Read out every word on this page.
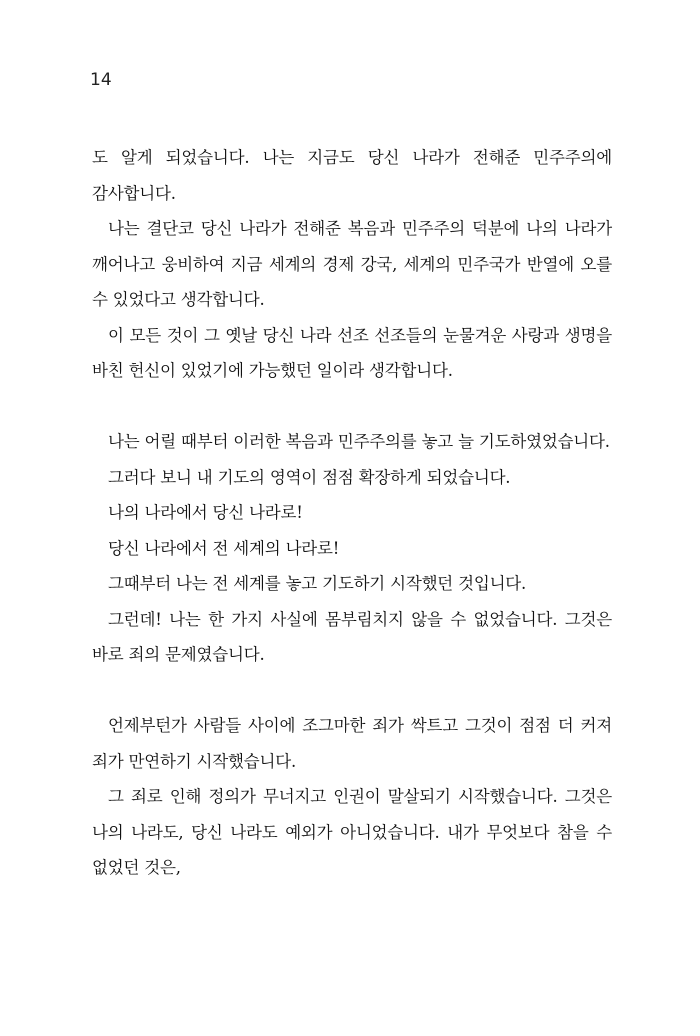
14

도 알게 되었습니다. 나는 지금도 당신 나라가 전해준 민주주의에 감사합니다.

나는 결단코 당신 나라가 전해준 복음과 민주주의 덕분에 나의 나라가 깨어나고 웅비하여 지금 세계의 경제 강국, 세계의 민주국가 반열에 오를 수 있었다고 생각합니다.

이 모든 것이 그 옛날 당신 나라 선조 선조들의 눈물겨운 사랑과 생명을 바친 헌신이 있었기에 가능했던 일이라 생각합니다.

나는 어릴 때부터 이러한 복음과 민주주의를 놓고 늘 기도하였었습니다.

그러다 보니 내 기도의 영역이 점점 확장하게 되었습니다.

나의 나라에서 당신 나라로!

당신 나라에서 전 세계의 나라로!

그때부터 나는 전 세계를 놓고 기도하기 시작했던 것입니다.

그런데! 나는 한 가지 사실에 몸부림치지 않을 수 없었습니다. 그것은 바로 죄의 문제였습니다.

언제부턴가 사람들 사이에 조그마한 죄가 싹트고 그것이 점점 더 커져 죄가 만연하기 시작했습니다.

그 죄로 인해 정의가 무너지고 인권이 말살되기 시작했습니다. 그것은 나의 나라도, 당신 나라도 예외가 아니었습니다. 내가 무엇보다 참을 수 없었던 것은,
